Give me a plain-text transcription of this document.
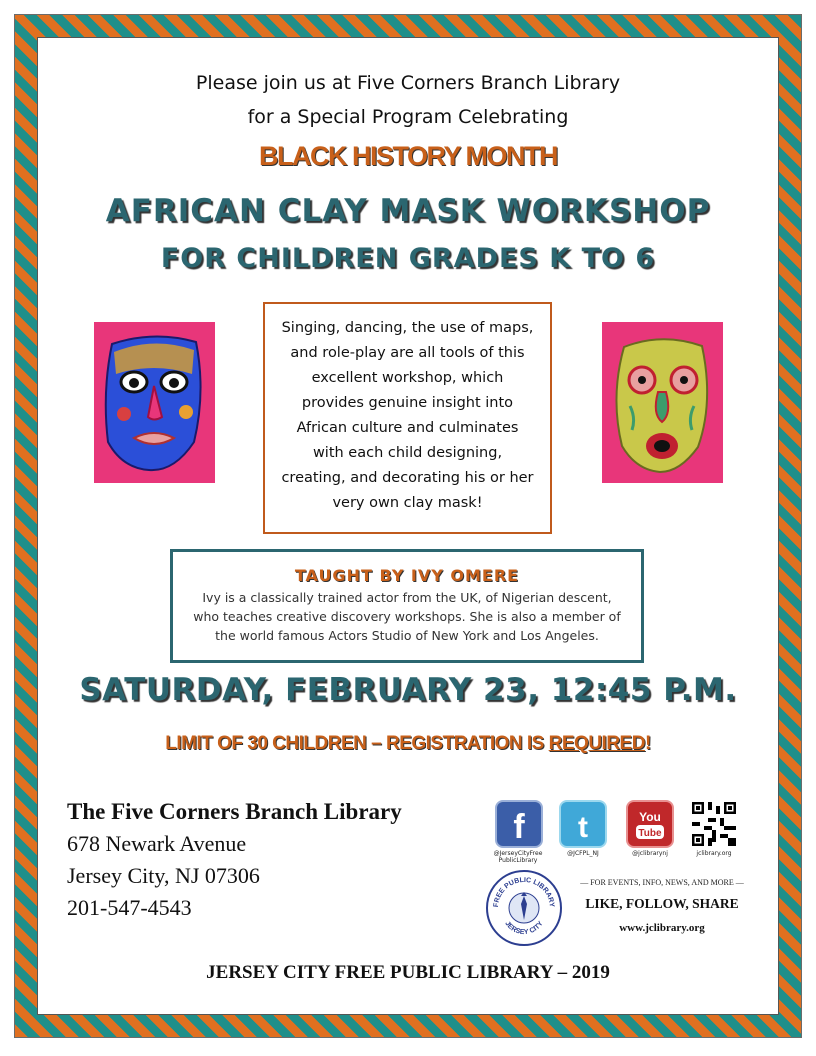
Please join us at Five Corners Branch Library
for a Special Program Celebrating
BLACK HISTORY MONTH
AFRICAN CLAY MASK WORKSHOP
FOR CHILDREN GRADES K TO 6
Singing, dancing, the use of maps,
and role-play are all tools of this
excellent workshop, which
provides genuine insight into
African culture and culminates
with each child designing,
creating, and decorating his or her
very own clay mask!
TAUGHT BY IVY OMERE
Ivy is a classically trained actor from the UK, of Nigerian descent,
who teaches creative discovery workshops. She is also a member of
the world famous Actors Studio of New York and Los Angeles.
SATURDAY, FEBRUARY 23, 12:45 P.M.
LIMIT OF 30 CHILDREN – REGISTRATION IS REQUIRED!
The Five Corners Branch Library
678 Newark Avenue
Jersey City, NJ 07306
201-547-4543
f
@JerseyCityFree PublicLibrary
t
@JCFPL_NJ
You
Tube
@jclibrarynj	jclibrary.org
FREE PUBLIC LIBRARY
JERSEY CITY
— FOR EVENTS, INFO, NEWS, AND MORE —
LIKE, FOLLOW, SHARE
www.jclibrary.org
JERSEY CITY FREE PUBLIC LIBRARY – 2019
